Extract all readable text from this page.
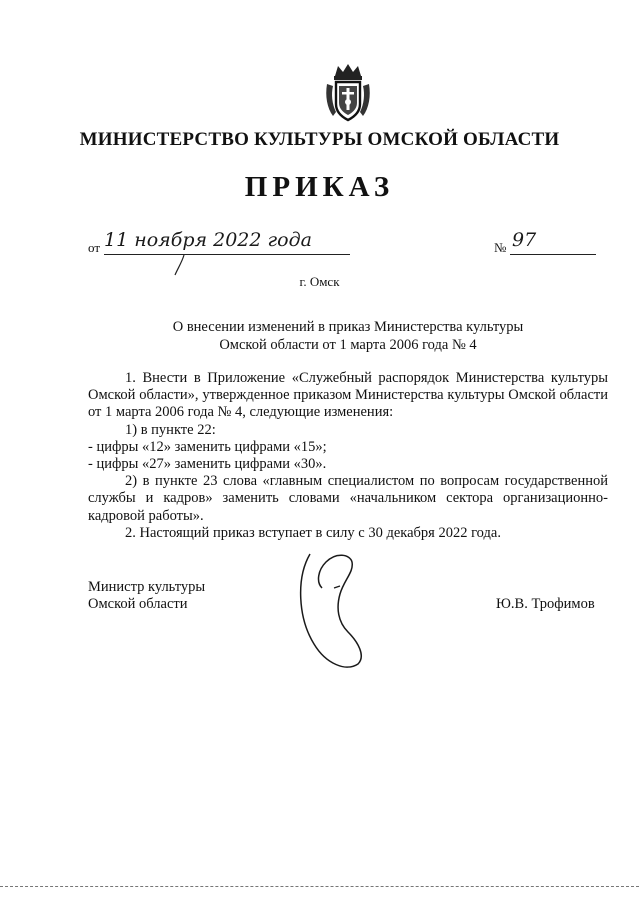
МИНИСТЕРСТВО КУЛЬТУРЫ ОМСКОЙ ОБЛАСТИ
ПРИКАЗ
от 11 ноября 2022 года	№ 97
г. Омск
О внесении изменений в приказ Министерства культуры
Омской области от 1 марта 2006 года № 4

1. Внести в Приложение «Служебный распорядок Министерства культуры Омской области», утвержденное приказом Министерства культуры Омской области от 1 марта 2006 года № 4, следующие изменения:

1) в пункте 22:

- цифры «12» заменить цифрами «15»;

- цифры «27» заменить цифрами «30».

2) в пункте 23 слова «главным специалистом по вопросам государственной службы и кадров» заменить словами «начальником сектора организационно-кадровой работы».

2. Настоящий приказ вступает в силу с 30 декабря 2022 года.

Министр культуры
Омской области	Ю.В. Трофимов
